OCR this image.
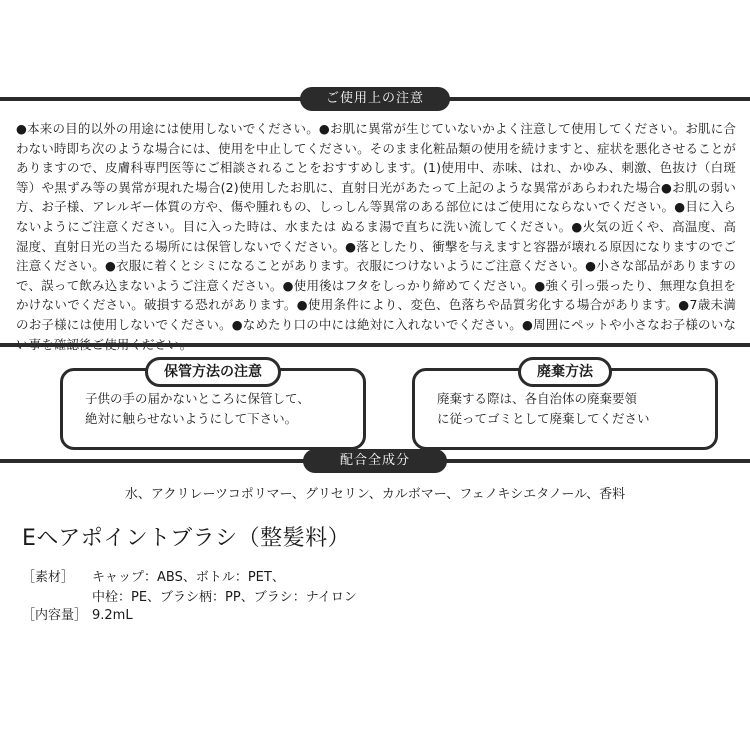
ご使用上の注意

●本来の目的以外の用途には使用しないでください。●お肌に異常が生じていないかよく注意して使用してください。お肌に合わない時即ち次のような場合には、使用を中止してください。そのまま化粧品類の使用を続けますと、症状を悪化させることがありますので、皮膚科専門医等にご相談されることをおすすめします。(1)使用中、赤味、はれ、かゆみ、刺激、色抜け（白斑等）や黒ずみ等の異常が現れた場合(2)使用したお肌に、直射日光があたって上記のような異常があらわれた場合●お肌の弱い方、お子様、アレルギー体質の方や、傷や腫れもの、しっしん等異常のある部位にはご使用にならないでください。●目に入らないようにご注意ください。目に入った時は、水または ぬるま湯で直ちに洗い流してください。●火気の近くや、高温度、高湿度、直射日光の当たる場所には保管しないでください。●落としたり、衝撃を与えますと容器が壊れる原因になりますのでご注意ください。●衣服に着くとシミになることがあります。衣服につけないようにご注意ください。●小さな部品がありますので、誤って飲み込まないようご注意ください。●使用後はフタをしっかり締めてください。●強く引っ張ったり、無理な負担をかけないでください。破損する恐れがあります。●使用条件により、変色、色落ちや品質劣化する場合があります。●7歳未満のお子様には使用しないでください。●なめたり口の中には絶対に入れないでください。●周囲にペットや小さなお子様のいな

保管方法の注意
子供の手の届かないところに保管して、
絶対に触らせないようにして下さい。
廃棄方法
廃棄する際は、各自治体の廃棄要領
に従ってゴミとして廃棄してください
配合全成分
水、アクリレーツコポリマー、グリセリン、カルボマー、フェノキシエタノール、香料
Eヘアポイントブラシ（整髪料）
［素材］ キャップ：ABS、ボトル：PET、
中栓：PE、ブラシ柄：PP、ブラシ：ナイロン
［内容量］ 9.2mL
